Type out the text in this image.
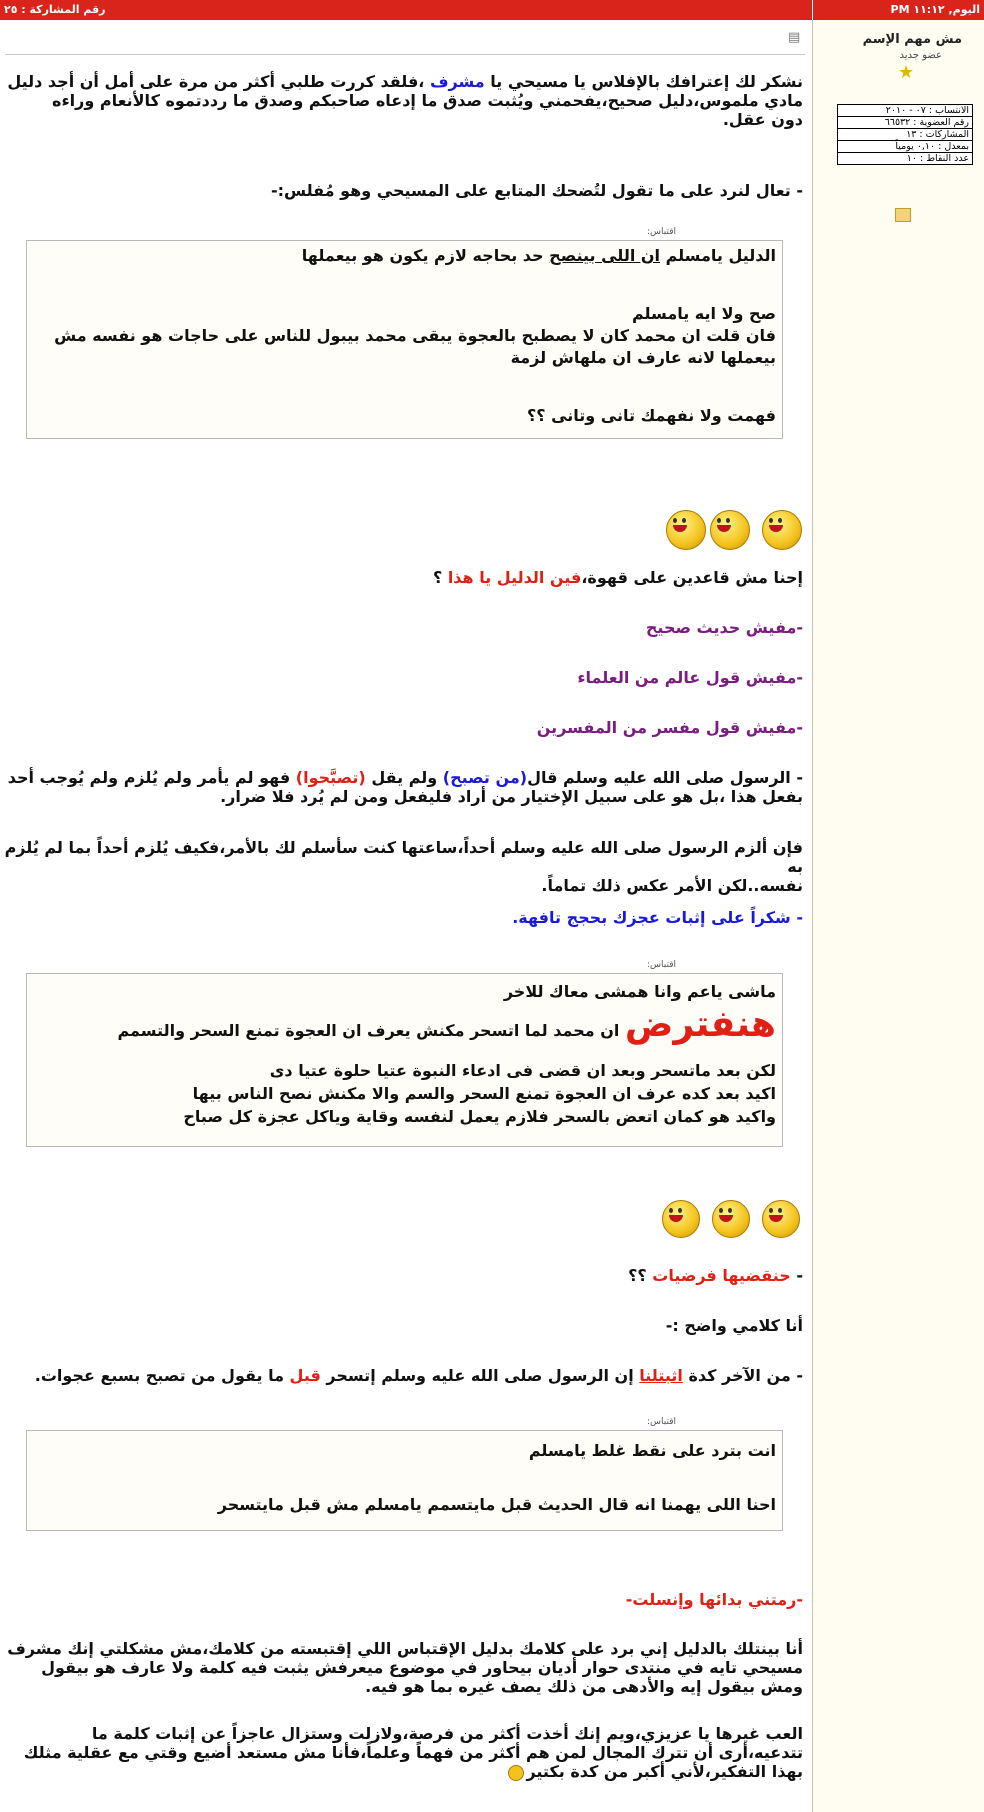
رقم المشاركة : ٢٥	اليوم, ١١:١٢ PM
مش مهم الإسم
عضو جديد
★
الانتساب : ٠٧ - ٢٠١٠
رقم العضوية : ٦٦٥٣٢
المشاركات : ١٣
بمعدل : ٠,١٠ يومياً
عدد النقاط : ١٠
▤
نشكر لك إعترافك بالإفلاس يا مسيحي يا مشرف ،فلقد كررت طلبي أكثر من مرة على أمل أن أجد دليل
مادي ملموس،دليل صحيح،يفحمني ويُثبت صدق ما إدعاه صاحبكم وصدق ما رددتموه كالأنعام وراءه
دون عقل.
- تعال لنرد على ما تقول لتُضحك المتابع على المسيحي وهو مُفلس:-
اقتباس:
الدليل يامسلم ان اللى بينصح حد بحاجه لازم يكون هو بيعملها
صح ولا ايه يامسلم
فان قلت ان محمد كان لا يصطبح بالعجوة يبقى محمد بيبول للناس على حاجات هو نفسه مش
بيعملها لانه عارف ان ملهاش لزمة
فهمت ولا نفهمك تانى وتانى ؟؟
إحنا مش قاعدين على قهوة،فين الدليل يا هذا ؟
-مفيش حديث صحيح
-مفيش قول عالم من العلماء
-مفيش قول مفسر من المفسرين
- الرسول صلى الله عليه وسلم قال(من تصبح) ولم يقل (تصبَّحوا) فهو لم يأمر ولم يُلزم ولم يُوجب أحد
بفعل هذا ،بل هو على سبيل الإختيار من أراد فليفعل ومن لم يُرد فلا ضرار.
فإن ألزم الرسول صلى الله عليه وسلم أحداً،ساعتها كنت سأسلم لك بالأمر،فكيف يُلزم أحداً بما لم يُلزم به
نفسه..لكن الأمر عكس ذلك تماماً.
- شكراً على إثبات عجزك بحجج تافهة.
اقتباس:
ماشى ياعم وانا همشى معاك للاخر
هنفترض ان محمد لما اتسحر مكنش يعرف ان العجوة تمنع السحر والتسمم
لكن بعد ماتسحر وبعد ان قضى فى ادعاء النبوة عتيا حلوة عتيا دى
اكيد بعد كده عرف ان العجوة تمنع السحر والسم والا مكنش نصح الناس بيها
واكيد هو كمان اتعض بالسحر فلازم يعمل لنفسه وقاية وياكل عجزة كل صباح
- حنقضيها فرضيات ؟؟
أنا كلامي واضح :-
- من الآخر كدة اثبتلنا إن الرسول صلى الله عليه وسلم إتسحر قبل ما يقول من تصبح بسبع عجوات.
اقتباس:
انت بترد على نقط غلط يامسلم
احنا اللى يهمنا انه قال الحديث قبل مايتسمم يامسلم مش قبل مايتسحر
-رمتني بدائها وإنسلت-
أنا بينتلك بالدليل إني برد على كلامك بدليل الإقتباس اللي إقتبسته من كلامك،مش مشكلتي إنك مشرف
مسيحي تايه في منتدى حوار أديان بيحاور في موضوع ميعرفش يثبت فيه كلمة ولا عارف هو بيقول
ومش بيقول إيه والأدهى من ذلك يصف غيره بما هو فيه.
العب غيرها يا عزيزي،ويم إنك أخذت أكثر من فرصة،ولازلت وستزال عاجزاً عن إثبات كلمة ما
تتدعيه،أرى أن تترك المجال لمن هم أكثر من فهماً وعلماً،فأنا مش مستعد أضيع وقتي مع عقلية مثلك
بهذا التفكير،لأني أكبر من كدة بكتير
